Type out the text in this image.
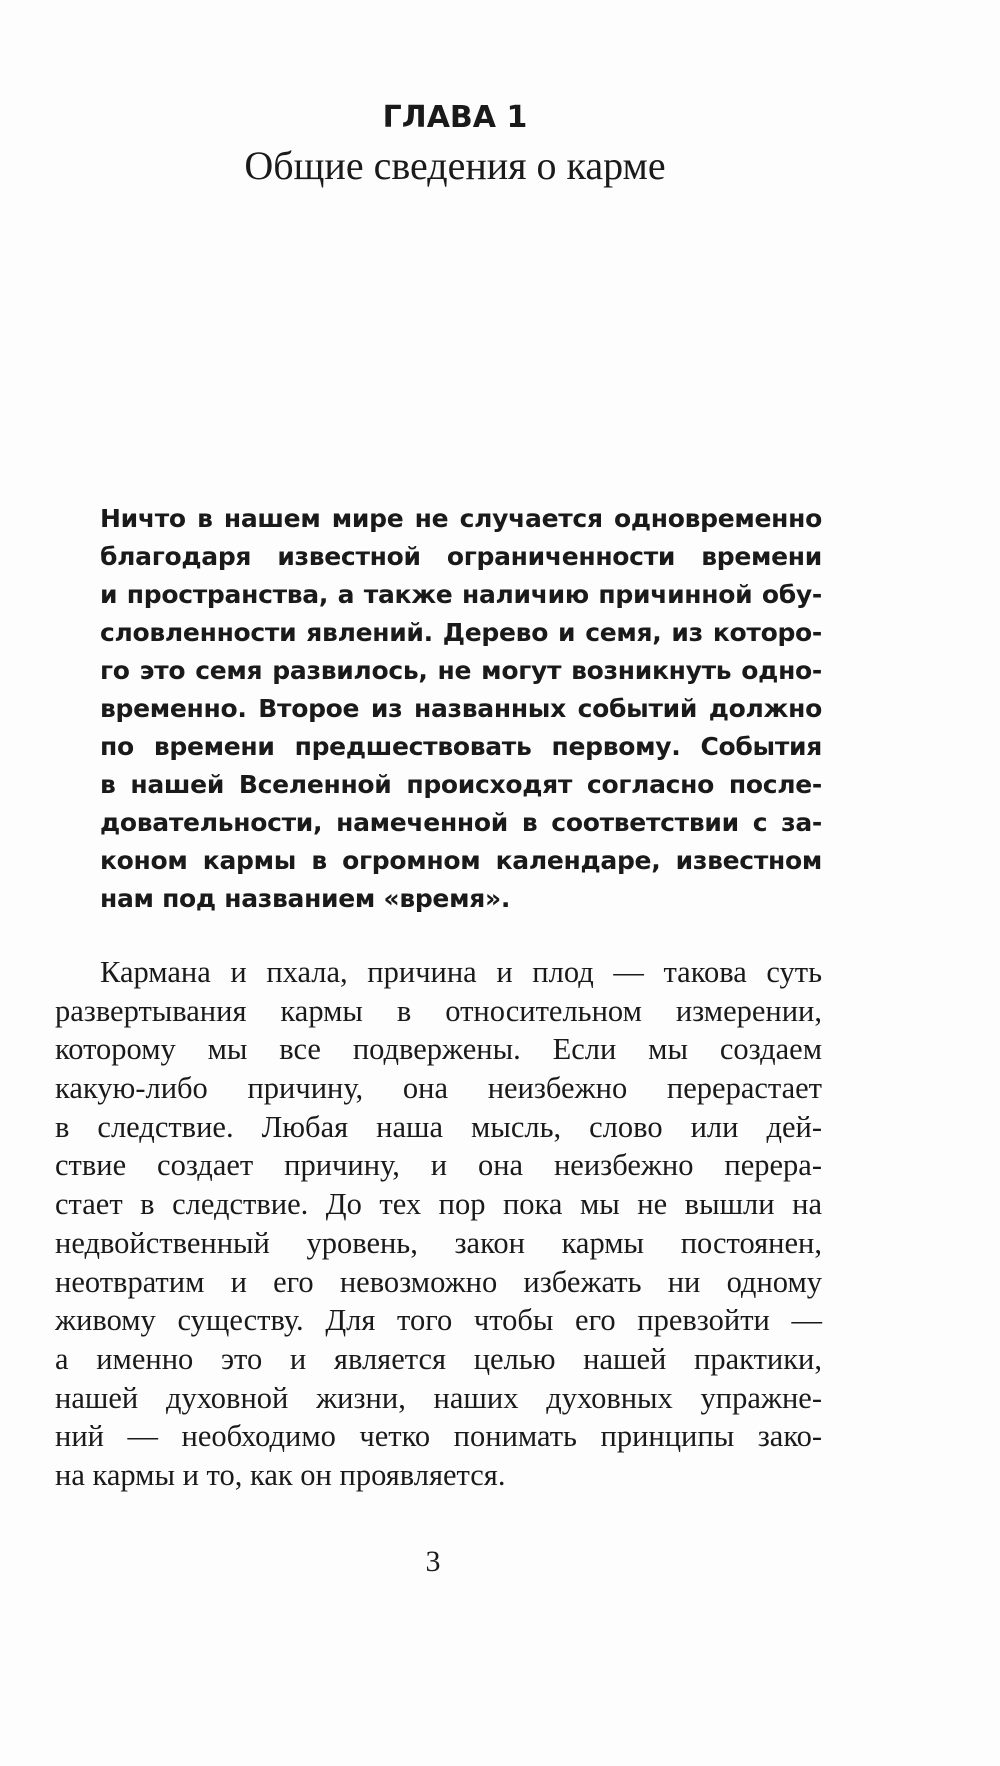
ГЛАВА 1
Общие сведения о карме
Ничто в нашем мире не случается одновременно
благодаря известной ограниченности времени
и пространства, а также наличию причинной обу-
словленности явлений. Дерево и семя, из которо-
го это семя развилось, не могут возникнуть одно-
временно. Второе из названных событий должно
по времени предшествовать первому. События
в нашей Вселенной происходят согласно после-
довательности, намеченной в соответствии с за-
коном кармы в огромном календаре, известном
нам под названием «время».
Кармана и пхала, причина и плод — такова суть
развертывания кармы в относительном измерении,
которому мы все подвержены. Если мы создаем
какую-либо причину, она неизбежно перерастает
в следствие. Любая наша мысль, слово или дей-
ствие создает причину, и она неизбежно перера-
стает в следствие. До тех пор пока мы не вышли на
недвойственный уровень, закон кармы постоянен,
неотвратим и его невозможно избежать ни одному
живому существу. Для того чтобы его превзойти —
а именно это и является целью нашей практики,
нашей духовной жизни, наших духовных упражне-
ний — необходимо четко понимать принципы зако-
на кармы и то, как он проявляется.
3
